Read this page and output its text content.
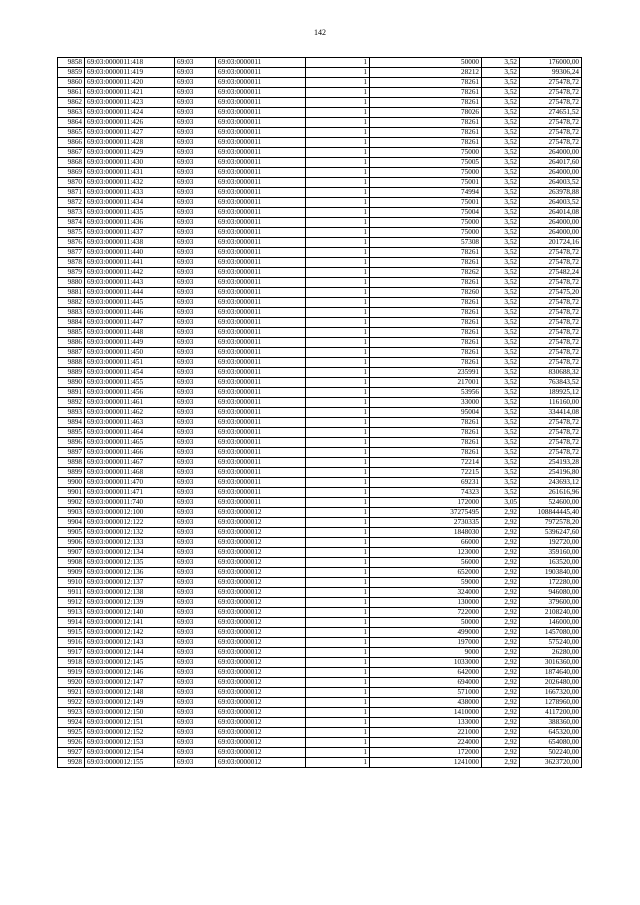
142
9858	69:03:0000011:418	69:03	69:03:0000011	1	50000	3,52	176000,00
9859	69:03:0000011:419	69:03	69:03:0000011	1	28212	3,52	99306,24
9860	69:03:0000011:420	69:03	69:03:0000011	1	78261	3,52	275478,72
9861	69:03:0000011:421	69:03	69:03:0000011	1	78261	3,52	275478,72
9862	69:03:0000011:423	69:03	69:03:0000011	1	78261	3,52	275478,72
9863	69:03:0000011:424	69:03	69:03:0000011	1	78026	3,52	274651,52
9864	69:03:0000011:426	69:03	69:03:0000011	1	78261	3,52	275478,72
9865	69:03:0000011:427	69:03	69:03:0000011	1	78261	3,52	275478,72
9866	69:03:0000011:428	69:03	69:03:0000011	1	78261	3,52	275478,72
9867	69:03:0000011:429	69:03	69:03:0000011	1	75000	3,52	264000,00
9868	69:03:0000011:430	69:03	69:03:0000011	1	75005	3,52	264017,60
9869	69:03:0000011:431	69:03	69:03:0000011	1	75000	3,52	264000,00
9870	69:03:0000011:432	69:03	69:03:0000011	1	75001	3,52	264003,52
9871	69:03:0000011:433	69:03	69:03:0000011	1	74994	3,52	263978,88
9872	69:03:0000011:434	69:03	69:03:0000011	1	75001	3,52	264003,52
9873	69:03:0000011:435	69:03	69:03:0000011	1	75004	3,52	264014,08
9874	69:03:0000011:436	69:03	69:03:0000011	1	75000	3,52	264000,00
9875	69:03:0000011:437	69:03	69:03:0000011	1	75000	3,52	264000,00
9876	69:03:0000011:438	69:03	69:03:0000011	1	57308	3,52	201724,16
9877	69:03:0000011:440	69:03	69:03:0000011	1	78261	3,52	275478,72
9878	69:03:0000011:441	69:03	69:03:0000011	1	78261	3,52	275478,72
9879	69:03:0000011:442	69:03	69:03:0000011	1	78262	3,52	275482,24
9880	69:03:0000011:443	69:03	69:03:0000011	1	78261	3,52	275478,72
9881	69:03:0000011:444	69:03	69:03:0000011	1	78260	3,52	275475,20
9882	69:03:0000011:445	69:03	69:03:0000011	1	78261	3,52	275478,72
9883	69:03:0000011:446	69:03	69:03:0000011	1	78261	3,52	275478,72
9884	69:03:0000011:447	69:03	69:03:0000011	1	78261	3,52	275478,72
9885	69:03:0000011:448	69:03	69:03:0000011	1	78261	3,52	275478,72
9886	69:03:0000011:449	69:03	69:03:0000011	1	78261	3,52	275478,72
9887	69:03:0000011:450	69:03	69:03:0000011	1	78261	3,52	275478,72
9888	69:03:0000011:451	69:03	69:03:0000011	1	78261	3,52	275478,72
9889	69:03:0000011:454	69:03	69:03:0000011	1	235991	3,52	830688,32
9890	69:03:0000011:455	69:03	69:03:0000011	1	217001	3,52	763843,52
9891	69:03:0000011:456	69:03	69:03:0000011	1	53956	3,52	189925,12
9892	69:03:0000011:461	69:03	69:03:0000011	1	33000	3,52	116160,00
9893	69:03:0000011:462	69:03	69:03:0000011	1	95004	3,52	334414,08
9894	69:03:0000011:463	69:03	69:03:0000011	1	78261	3,52	275478,72
9895	69:03:0000011:464	69:03	69:03:0000011	1	78261	3,52	275478,72
9896	69:03:0000011:465	69:03	69:03:0000011	1	78261	3,52	275478,72
9897	69:03:0000011:466	69:03	69:03:0000011	1	78261	3,52	275478,72
9898	69:03:0000011:467	69:03	69:03:0000011	1	72214	3,52	254193,28
9899	69:03:0000011:468	69:03	69:03:0000011	1	72215	3,52	254196,80
9900	69:03:0000011:470	69:03	69:03:0000011	1	69231	3,52	243693,12
9901	69:03:0000011:471	69:03	69:03:0000011	1	74323	3,52	261616,96
9902	69:03:0000011:740	69:03	69:03:0000011	1	172000	3,05	524600,00
9903	69:03:0000012:100	69:03	69:03:0000012	1	37275495	2,92	108844445,40
9904	69:03:0000012:122	69:03	69:03:0000012	1	2730335	2,92	7972578,20
9905	69:03:0000012:132	69:03	69:03:0000012	1	1848030	2,92	5396247,60
9906	69:03:0000012:133	69:03	69:03:0000012	1	66000	2,92	192720,00
9907	69:03:0000012:134	69:03	69:03:0000012	1	123000	2,92	359160,00
9908	69:03:0000012:135	69:03	69:03:0000012	1	56000	2,92	163520,00
9909	69:03:0000012:136	69:03	69:03:0000012	1	652000	2,92	1903840,00
9910	69:03:0000012:137	69:03	69:03:0000012	1	59000	2,92	172280,00
9911	69:03:0000012:138	69:03	69:03:0000012	1	324000	2,92	946080,00
9912	69:03:0000012:139	69:03	69:03:0000012	1	130000	2,92	379600,00
9913	69:03:0000012:140	69:03	69:03:0000012	1	722000	2,92	2108240,00
9914	69:03:0000012:141	69:03	69:03:0000012	1	50000	2,92	146000,00
9915	69:03:0000012:142	69:03	69:03:0000012	1	499000	2,92	1457080,00
9916	69:03:0000012:143	69:03	69:03:0000012	1	197000	2,92	575240,00
9917	69:03:0000012:144	69:03	69:03:0000012	1	9000	2,92	26280,00
9918	69:03:0000012:145	69:03	69:03:0000012	1	1033000	2,92	3016360,00
9919	69:03:0000012:146	69:03	69:03:0000012	1	642000	2,92	1874640,00
9920	69:03:0000012:147	69:03	69:03:0000012	1	694000	2,92	2026480,00
9921	69:03:0000012:148	69:03	69:03:0000012	1	571000	2,92	1667320,00
9922	69:03:0000012:149	69:03	69:03:0000012	1	438000	2,92	1278960,00
9923	69:03:0000012:150	69:03	69:03:0000012	1	1410000	2,92	4117200,00
9924	69:03:0000012:151	69:03	69:03:0000012	1	133000	2,92	388360,00
9925	69:03:0000012:152	69:03	69:03:0000012	1	221000	2,92	645320,00
9926	69:03:0000012:153	69:03	69:03:0000012	1	224000	2,92	654080,00
9927	69:03:0000012:154	69:03	69:03:0000012	1	172000	2,92	502240,00
9928	69:03:0000012:155	69:03	69:03:0000012	1	1241000	2,92	3623720,00
